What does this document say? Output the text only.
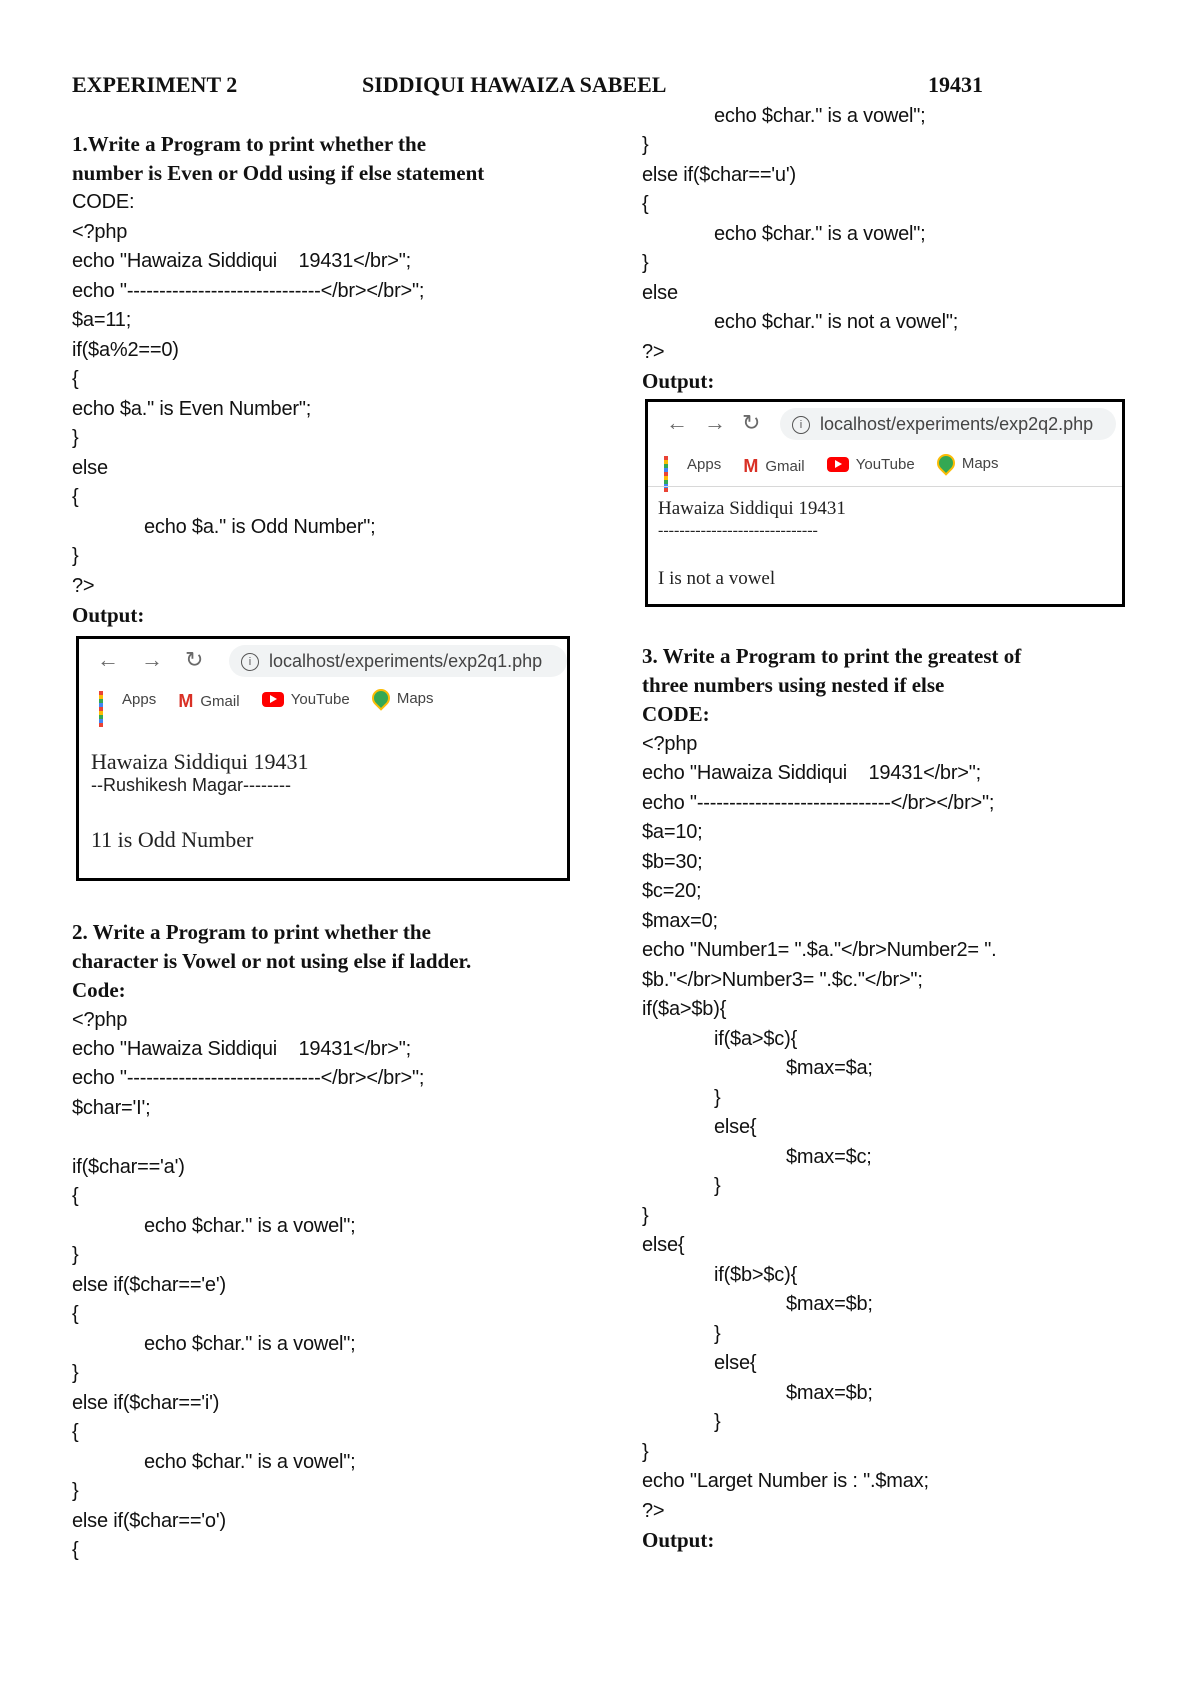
EXPERIMENT 2	SIDDIQUI HAWAIZA SABEEL	19431
1.Write a Program to print whether the
number is Even or Odd using if else statement
CODE:
<?php
echo "Hawaiza Siddiqui    19431</br>";
echo "------------------------------</br></br>";
$a=11;
if($a%2==0)
{
echo $a." is Even Number";
}
else
{
echo $a." is Odd Number";
}
?>
Output:
2. Write a Program to print whether the
character is Vowel or not using else if ladder.
Code:
<?php
echo "Hawaiza Siddiqui    19431</br>";
echo "------------------------------</br></br>";
$char='I';
if($char=='a')
{
echo $char." is a vowel";
}
else if($char=='e')
{
echo $char." is a vowel";
}
else if($char=='i')
{
echo $char." is a vowel";
}
else if($char=='o')
{
← → ↻	i localhost/experiments/exp2q1.php
Apps
M Gmail
	YouTube
	Maps
Hawaiza Siddiqui 19431
--Rushikesh Magar--------
11 is Odd Number
echo $char." is a vowel";
}
else if($char=='u')
{
echo $char." is a vowel";
}
else
echo $char." is not a vowel";
?>
Output:
3. Write a Program to print the greatest of
three numbers using nested if else
CODE:
<?php
echo "Hawaiza Siddiqui    19431</br>";
echo "------------------------------</br></br>";
$a=10;
$b=30;
$c=20;
$max=0;
echo "Number1= ".$a."</br>Number2= ".
$b."</br>Number3= ".$c."</br>";
if($a>$b){
if($a>$c){
$max=$a;
}
else{
$max=$c;
}
}
else{
if($b>$c){
$max=$b;
}
else{
$max=$b;
}
}
echo "Larget Number is : ".$max;
?>
Output:
← → ↻	i localhost/experiments/exp2q2.php
Apps
M Gmail
	YouTube
	Maps
Hawaiza Siddiqui 19431
------------------------------
I is not a vowel
